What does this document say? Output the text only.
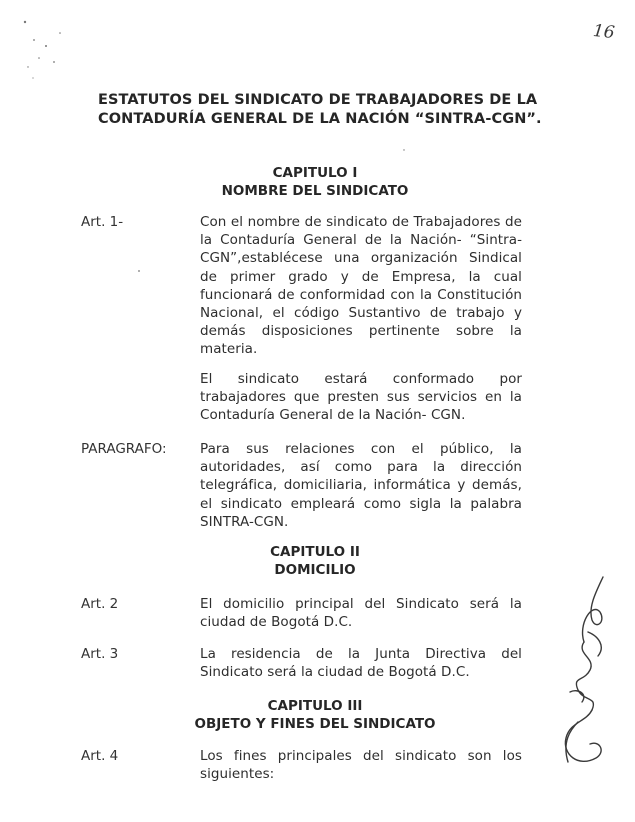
16
ESTATUTOS DEL SINDICATO DE TRABAJADORES DE LA
CONTADURÍA GENERAL DE LA NACIÓN “SINTRA-CGN”.
CAPITULO I
NOMBRE DEL SINDICATO
Art. 1-	Con el nombre de sindicato de Trabajadores de la Contaduría General de la Nación- “Sintra-CGN”,establécese una organización Sindical de primer grado y de Empresa, la cual funcionará de conformidad con la Constitución Nacional, el código Sustantivo de trabajo y demás disposiciones pertinente sobre la materia.
El sindicato estará conformado por trabajadores que presten sus servicios en la Contaduría General de la Nación- CGN.
PARAGRAFO: Para sus relaciones con el público, la autoridades, así como para la dirección telegráfica, domiciliaria, informática y demás, el sindicato empleará como sigla la palabra SINTRA-CGN.
CAPITULO II
DOMICILIO
Art. 2	El domicilio principal del Sindicato será la ciudad de Bogotá D.C.
Art. 3	La residencia de la Junta Directiva del Sindicato será la ciudad de Bogotá D.C.
CAPITULO III
OBJETO Y FINES DEL SINDICATO
Art. 4	Los fines principales del sindicato son los siguientes:
